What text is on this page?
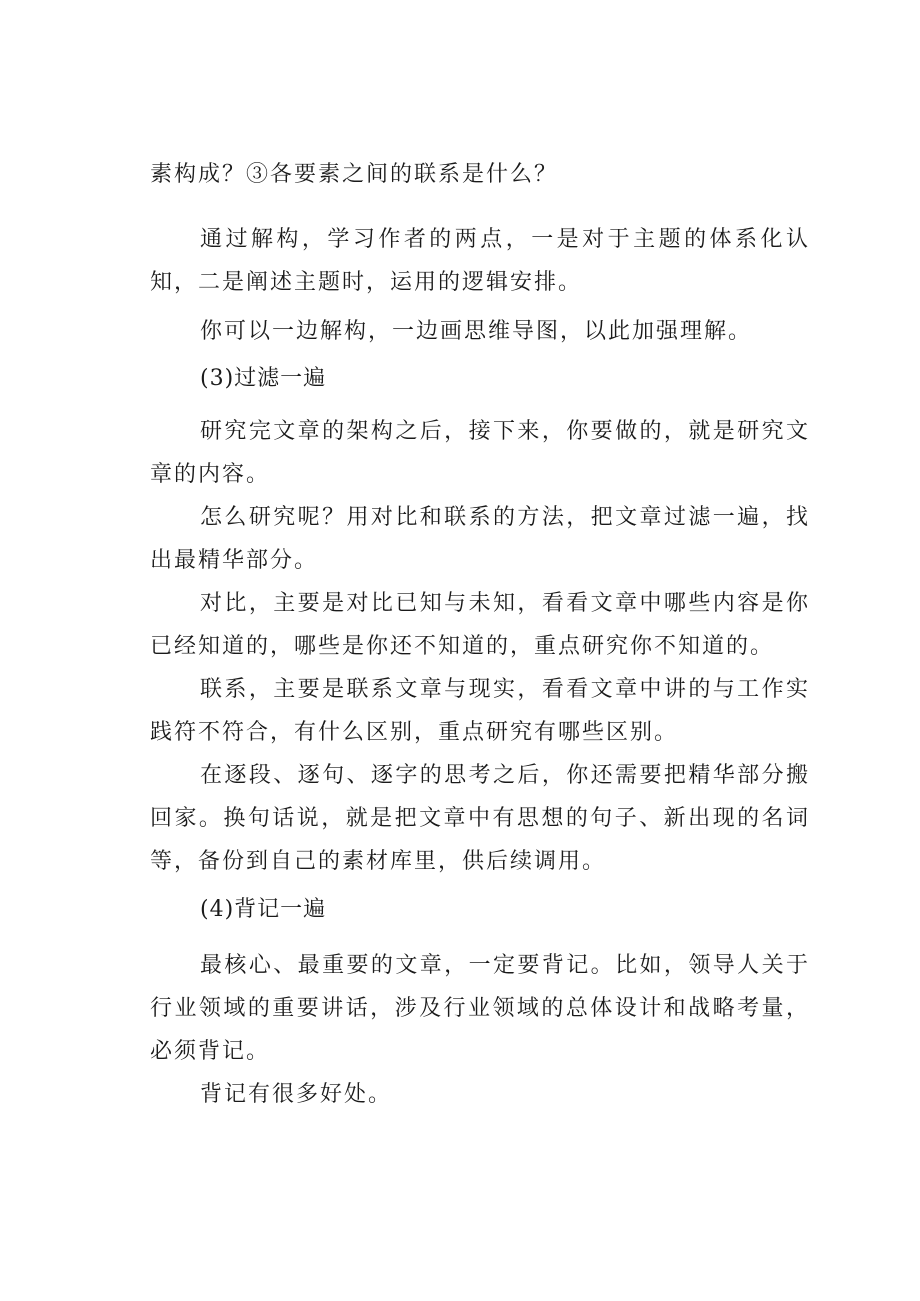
素构成？③各要素之间的联系是什么？

通过解构，学习作者的两点，一是对于主题的体系化认知，二是阐述主题时，运用的逻辑安排。

你可以一边解构，一边画思维导图，以此加强理解。

(3)过滤一遍

研究完文章的架构之后，接下来，你要做的，就是研究文章的内容。

怎么研究呢？用对比和联系的方法，把文章过滤一遍，找出最精华部分。

对比，主要是对比已知与未知，看看文章中哪些内容是你已经知道的，哪些是你还不知道的，重点研究你不知道的。

联系，主要是联系文章与现实，看看文章中讲的与工作实践符不符合，有什么区别，重点研究有哪些区别。

在逐段、逐句、逐字的思考之后，你还需要把精华部分搬回家。换句话说，就是把文章中有思想的句子、新出现的名词等，备份到自己的素材库里，供后续调用。

(4)背记一遍

最核心、最重要的文章，一定要背记。比如，领导人关于行业领域的重要讲话，涉及行业领域的总体设计和战略考量，必须背记。

背记有很多好处。
